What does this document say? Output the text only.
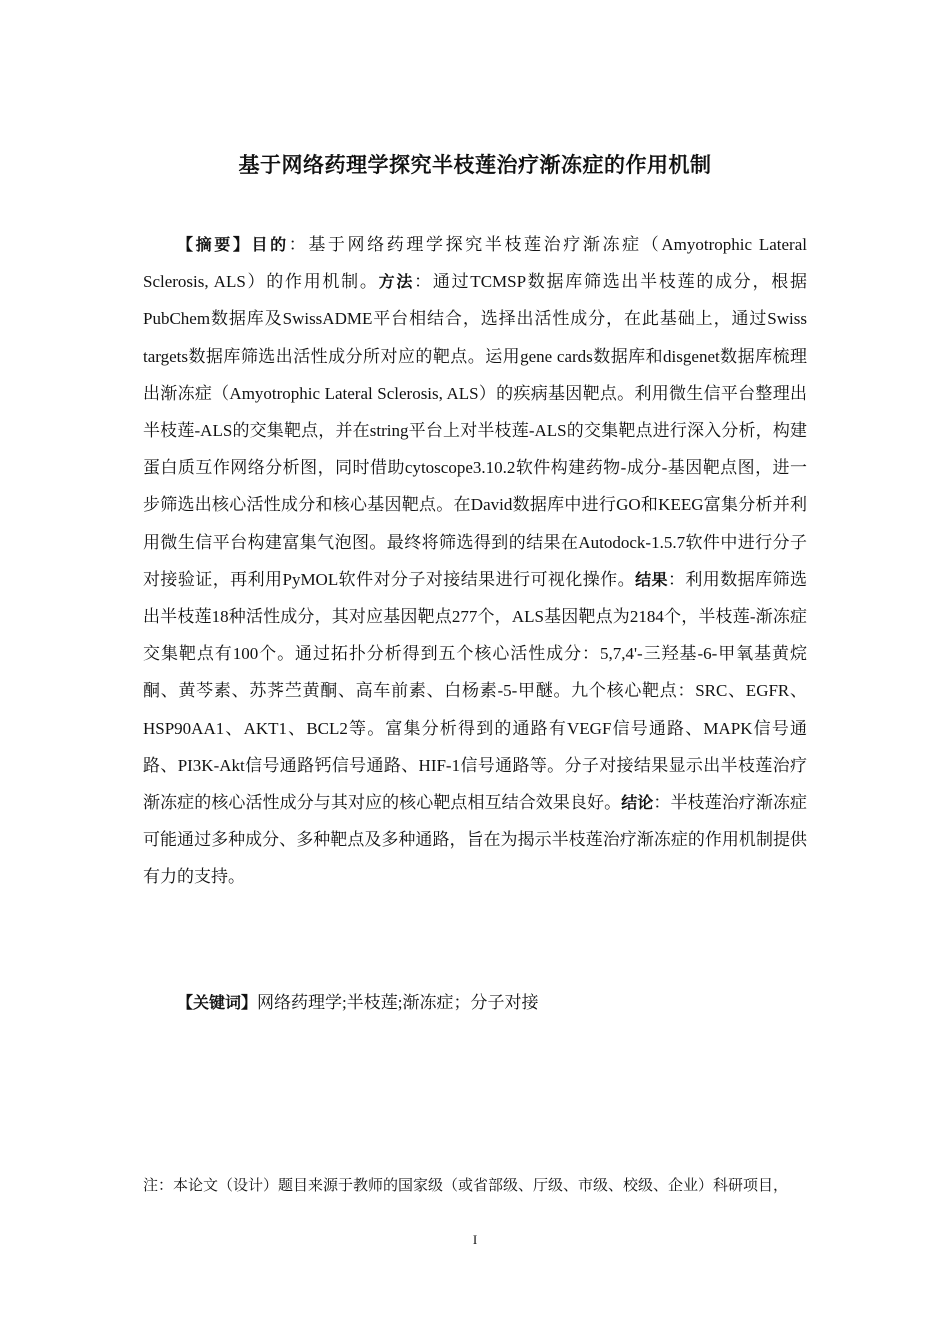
基于网络药理学探究半枝莲治疗渐冻症的作用机制

【摘要】目的：基于网络药理学探究半枝莲治疗渐冻症（Amyotrophic Lateral Sclerosis, ALS）的作用机制。方法：通过TCMSP数据库筛选出半枝莲的成分，根据PubChem数据库及SwissADME平台相结合，选择出活性成分，在此基础上，通过Swiss targets数据库筛选出活性成分所对应的靶点。运用gene cards数据库和disgenet数据库梳理出渐冻症（Amyotrophic Lateral Sclerosis, ALS）的疾病基因靶点。利用微生信平台整理出半枝莲-ALS的交集靶点，并在string平台上对半枝莲-ALS的交集靶点进行深入分析，构建蛋白质互作网络分析图，同时借助cytoscope3.10.2软件构建药物-成分-基因靶点图，进一步筛选出核心活性成分和核心基因靶点。在David数据库中进行GO和KEEG富集分析并利用微生信平台构建富集气泡图。最终将筛选得到的结果在Autodock-1.5.7软件中进行分子对接验证，再利用PyMOL软件对分子对接结果进行可视化操作。结果：利用数据库筛选出半枝莲18种活性成分，其对应基因靶点277个，ALS基因靶点为2184个，半枝莲-渐冻症交集靶点有100个。通过拓扑分析得到五个核心活性成分：5,7,4'-三羟基-6-甲氧基黄烷酮、黄芩素、苏荠苎黄酮、高车前素、白杨素-5-甲醚。九个核心靶点：SRC、EGFR、HSP90AA1、AKT1、BCL2等。富集分析得到的通路有VEGF信号通路、MAPK信号通路、PI3K-Akt信号通路钙信号通路、HIF-1信号通路等。分子对接结果显示出半枝莲治疗渐冻症的核心活性成分与其对应的核心靶点相互结合效果良好。结论：半枝莲治疗渐冻症可能通过多种成分、多种靶点及多种通路，旨在为揭示半枝莲治疗渐冻症的作用机制提供有力的支持。

【关键词】网络药理学;半枝莲;渐冻症；分子对接

注：本论文（设计）题目来源于教师的国家级（或省部级、厅级、市级、校级、企业）科研项目，

I
